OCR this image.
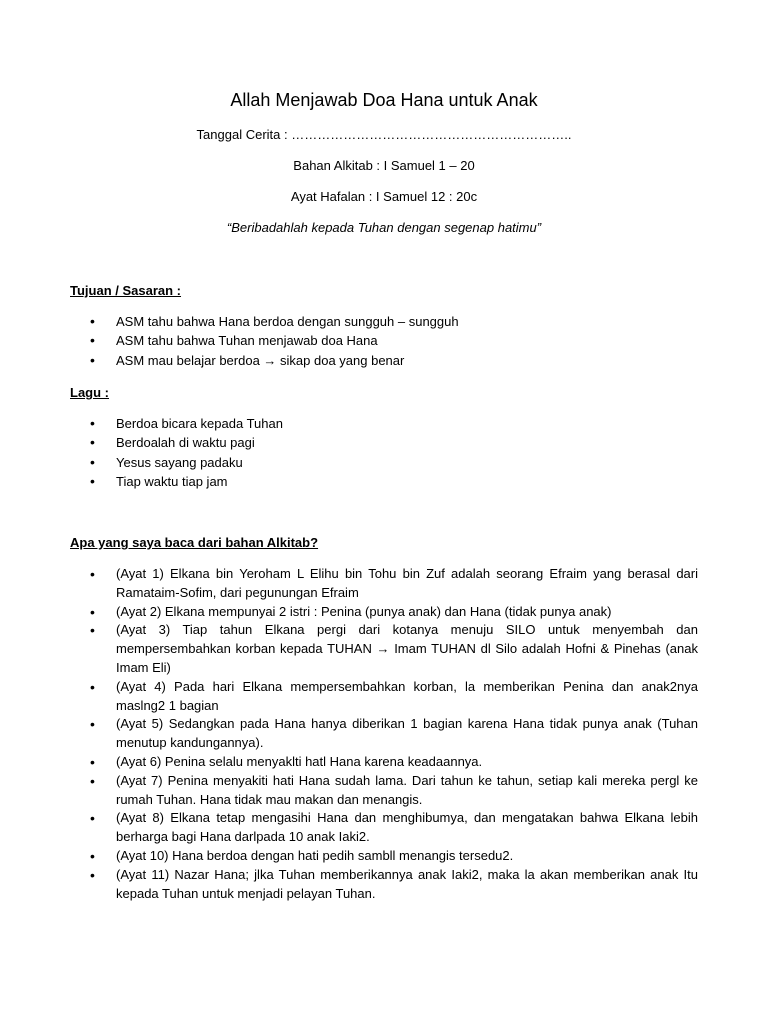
Allah Menjawab Doa Hana untuk Anak
Tanggal Cerita : ………………………………………………………..
Bahan Alkitab : I Samuel 1 – 20
Ayat Hafalan : I Samuel 12 : 20c
“Beribadahlah kepada Tuhan dengan segenap hatimu”
Tujuan / Sasaran :
• ASM tahu bahwa Hana berdoa dengan sungguh – sungguh
• ASM tahu bahwa Tuhan menjawab doa Hana
• ASM mau belajar berdoa → sikap doa yang benar
Lagu :
• Berdoa bicara kepada Tuhan
• Berdoalah di waktu pagi
• Yesus sayang padaku
• Tiap waktu tiap jam
Apa yang saya baca dari bahan Alkitab?
• (Ayat 1) Elkana bin Yeroham L Elihu bin Tohu bin Zuf adalah seorang Efraim yang berasal dari Ramataim-Sofim, dari pegunungan Efraim
• (Ayat 2) Elkana mempunyai 2 istri : Penina (punya anak) dan Hana (tidak punya anak)
• (Ayat 3) Tiap tahun Elkana pergi dari kotanya menuju SILO untuk menyembah dan mempersembahkan korban kepada TUHAN → Imam TUHAN dl Silo adalah Hofni & Pinehas (anak Imam Eli)
• (Ayat 4) Pada hari Elkana mempersembahkan korban, la memberikan Penina dan anak2nya maslng2 1 bagian
• (Ayat 5) Sedangkan pada Hana hanya diberikan 1 bagian karena Hana tidak punya anak (Tuhan menutup kandungannya).
• (Ayat 6) Penina selalu menyaklti hatl Hana karena keadaannya.
• (Ayat 7) Penina menyakiti hati Hana sudah lama. Dari tahun ke tahun, setiap kali mereka pergl ke rumah Tuhan. Hana tidak mau makan dan menangis.
• (Ayat 8) Elkana tetap mengasihi Hana dan menghibumya, dan mengatakan bahwa Elkana lebih berharga bagi Hana darlpada 10 anak Iaki2.
• (Ayat 10) Hana berdoa dengan hati pedih sambll menangis tersedu2.
• (Ayat 11) Nazar Hana; jlka Tuhan memberikannya anak Iaki2, maka la akan memberikan anak Itu kepada Tuhan untuk menjadi pelayan Tuhan.
